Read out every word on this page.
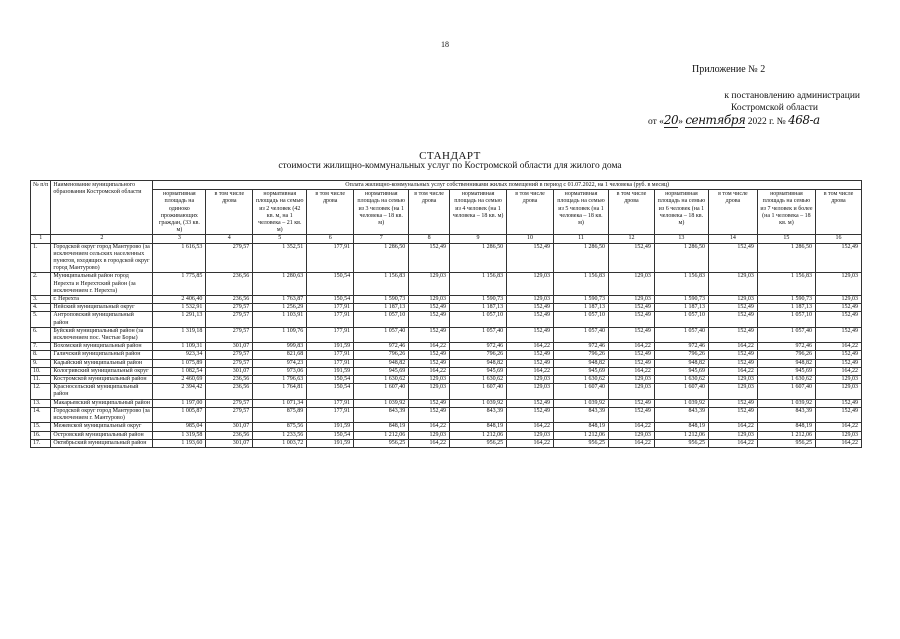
18
Приложение № 2
к постановлению администрации
Костромской области
от «20» сентября 2022 г. № 468-а
СТАНДАРТ
стоимости жилищно-коммунальных услуг по Костромской области для жилого дома
№ п/п	Наименование муниципального образования Костромской области	Оплата жилищно-коммунальных услуг собственниками жилых помещений в период с 01.07.2022, на 1 человека (руб. в месяц)													
		нормативная площадь на одиноко проживающих граждан, (33 кв. м)	в том числе дрова	нормативная площадь на семью из 2 человек (42 кв. м, на 1 человека – 21 кв. м)	в том числе дрова	нормативная площадь на семью из 3 человек (на 1 человека – 18 кв. м)	в том числе дрова	нормативная площадь на семью из 4 человек (на 1 человека – 18 кв. м)	в том числе дрова	нормативная площадь на семью из 5 человек (на 1 человека – 18 кв. м)	в том числе дрова	нормативная площадь на семью из 6 человек (на 1 человека – 18 кв. м)	в том числе дрова	нормативная площадь на семью из 7 человек и более (на 1 человека – 18 кв. м)	в том числе дрова
1	2	3	4	5	6	7	8	9	10	11	12	13	14	15	16
1.	Городской округ город Мантурово (за исключением сельских населенных пунктов, входящих в городской округ город Мантурово)	1 616,53	279,57	1 352,51	177,91	1 286,50	152,49	1 286,50	152,49	1 286,50	152,49	1 286,50	152,49	1 286,50	152,49
2.	Муниципальный район город Нерехта и Нерехтский район (за исключением г. Нерехта)	1 775,85	236,56	1 280,63	150,54	1 156,83	129,03	1 156,83	129,03	1 156,83	129,03	1 156,83	129,03	1 156,83	129,03
3.	г. Нерехта	2 406,40	236,56	1 763,87	150,54	1 590,73	129,03	1 590,73	129,03	1 590,73	129,03	1 590,73	129,03	1 590,73	129,03
4.	Нейский муниципальный округ	1 532,91	279,57	1 256,29	177,91	1 187,13	152,49	1 187,13	152,49	1 187,13	152,49	1 187,13	152,49	1 187,13	152,49
5.	Антроповский муниципальный район	1 291,13	279,57	1 103,91	177,91	1 057,10	152,49	1 057,10	152,49	1 057,10	152,49	1 057,10	152,49	1 057,10	152,49
6.	Буйский муниципальный район (за исключением пос. Чистые Боры)	1 319,18	279,57	1 109,76	177,91	1 057,40	152,49	1 057,40	152,49	1 057,40	152,49	1 057,40	152,49	1 057,40	152,49
7.	Вохомский муниципальный район	1 109,31	301,07	999,83	191,59	972,46	164,22	972,46	164,22	972,46	164,22	972,46	164,22	972,46	164,22
8.	Галичский муниципальный район	923,34	279,57	821,68	177,91	796,26	152,49	796,26	152,49	796,26	152,49	796,26	152,49	796,26	152,49
9.	Кадыйский муниципальный район	1 075,89	279,57	974,23	177,91	948,82	152,49	948,82	152,49	948,82	152,49	948,82	152,49	948,82	152,49
10.	Кологривский муниципальный округ	1 082,54	301,07	973,06	191,59	945,69	164,22	945,69	164,22	945,69	164,22	945,69	164,22	945,69	164,22
11.	Костромской муниципальный район	2 460,69	236,56	1 796,63	150,54	1 630,62	129,03	1 630,62	129,03	1 630,62	129,03	1 630,62	129,03	1 630,62	129,03
12.	Красносельский муниципальный район	2 394,42	236,56	1 764,81	150,54	1 607,40	129,03	1 607,40	129,03	1 607,40	129,03	1 607,40	129,03	1 607,40	129,03
13.	Макарьевский муниципальный район	1 197,00	279,57	1 071,34	177,91	1 039,92	152,49	1 039,92	152,49	1 039,92	152,49	1 039,92	152,49	1 039,92	152,49
14.	Городской округ город Мантурово (за исключением г. Мантурово)	1 005,87	279,57	875,89	177,91	843,39	152,49	843,39	152,49	843,39	152,49	843,39	152,49	843,39	152,49
15.	Межевской муниципальный округ	985,04	301,07	875,56	191,59	848,19	164,22	848,19	164,22	848,19	164,22	848,19	164,22	848,19	164,22
16.	Островский муниципальный район	1 319,58	236,56	1 233,56	150,54	1 212,06	129,03	1 212,06	129,03	1 212,06	129,03	1 212,06	129,03	1 212,06	129,03
17.	Октябрьский муниципальный район	1 193,60	301,07	1 003,72	191,59	956,25	164,22	956,25	164,22	956,25	164,22	956,25	164,22	956,25	164,22
